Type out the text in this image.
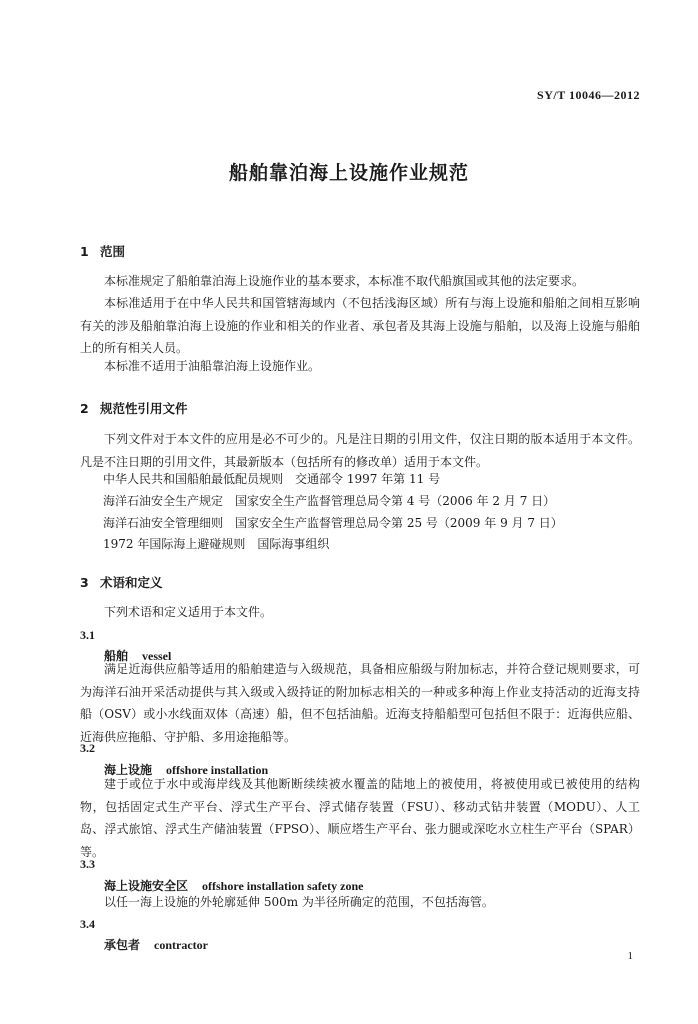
SY/T 10046—2012
船舶靠泊海上设施作业规范
1 范围
本标准规定了船舶靠泊海上设施作业的基本要求，本标准不取代船旗国或其他的法定要求。
本标准适用于在中华人民共和国管辖海域内（不包括浅海区域）所有与海上设施和船舶之间相互影响有关的涉及船舶靠泊海上设施的作业和相关的作业者、承包者及其海上设施与船舶，以及海上设施与船舶上的所有相关人员。
本标准不适用于油船靠泊海上设施作业。
2 规范性引用文件
下列文件对于本文件的应用是必不可少的。凡是注日期的引用文件，仅注日期的版本适用于本文件。凡是不注日期的引用文件，其最新版本（包括所有的修改单）适用于本文件。
中华人民共和国船舶最低配员规则　交通部令 1997 年第 11 号
海洋石油安全生产规定　国家安全生产监督管理总局令第 4 号（2006 年 2 月 7 日）
海洋石油安全管理细则　国家安全生产监督管理总局令第 25 号（2009 年 9 月 7 日）
1972 年国际海上避碰规则　国际海事组织
3 术语和定义
下列术语和定义适用于本文件。
3.1
船舶 vessel
满足近海供应船等适用的船舶建造与入级规范，具备相应船级与附加标志，并符合登记规则要求，可为海洋石油开采活动提供与其入级或入级持证的附加标志相关的一种或多种海上作业支持活动的近海支持船（OSV）或小水线面双体（高速）船，但不包括油船。近海支持船船型可包括但不限于：近海供应船、近海供应拖船、守护船、多用途拖船等。
3.2
海上设施 offshore installation
建于或位于水中或海岸线及其他断断续续被水覆盖的陆地上的被使用，将被使用或已被使用的结构物，包括固定式生产平台、浮式生产平台、浮式储存装置（FSU）、移动式钻井装置（MODU）、人工岛、浮式旅馆、浮式生产储油装置（FPSO）、顺应塔生产平台、张力腿或深吃水立柱生产平台（SPAR）等。
3.3
海上设施安全区 offshore installation safety zone
以任一海上设施的外轮廓延伸 500m 为半径所确定的范围，不包括海管。
3.4
承包者 contractor
1
